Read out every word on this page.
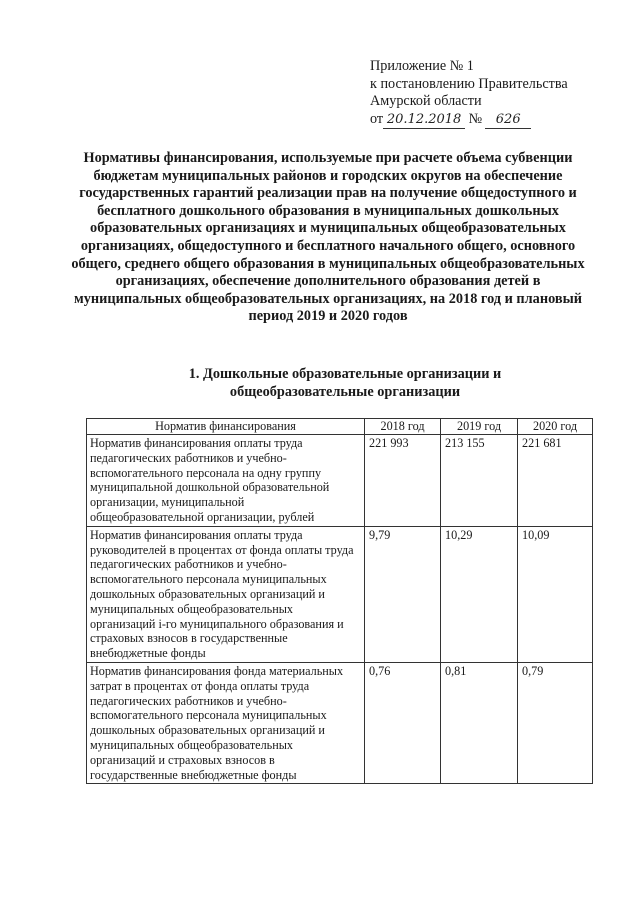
Приложение № 1
к постановлению Правительства
Амурской области
от 20.12.2018 № 626
Нормативы финансирования, используемые при расчете объема субвенции бюджетам муниципальных районов и городских округов на обеспечение государственных гарантий реализации прав на получение общедоступного и бесплатного дошкольного образования в муниципальных дошкольных образовательных организациях и муниципальных общеобразовательных организациях, общедоступного и бесплатного начального общего, основного общего, среднего общего образования в муниципальных общеобразовательных организациях, обеспечение дополнительного образования детей в муниципальных общеобразовательных организациях, на 2018 год и плановый период 2019 и 2020 годов
1. Дошкольные образовательные организации и общеобразовательные организации
Норматив финансирования	2018 год	2019 год	2020 год
Норматив финансирования оплаты труда педагогических работников и учебно-вспомогательного персонала на одну группу муниципальной дошкольной образовательной организации, муниципальной общеобразовательной организации, рублей	221 993	213 155	221 681
Норматив финансирования оплаты труда руководителей в процентах от фонда оплаты труда педагогических работников и учебно-вспомогательного персонала муниципальных дошкольных образовательных организаций и муниципальных общеобразовательных организаций i-го муниципального образования и страховых взносов в государственные внебюджетные фонды	9,79	10,29	10,09
Норматив финансирования фонда материальных затрат в процентах от фонда оплаты труда педагогических работников и учебно-вспомогательного персонала муниципальных дошкольных образовательных организаций и муниципальных общеобразовательных организаций и страховых взносов в государственные внебюджетные фонды	0,76	0,81	0,79
